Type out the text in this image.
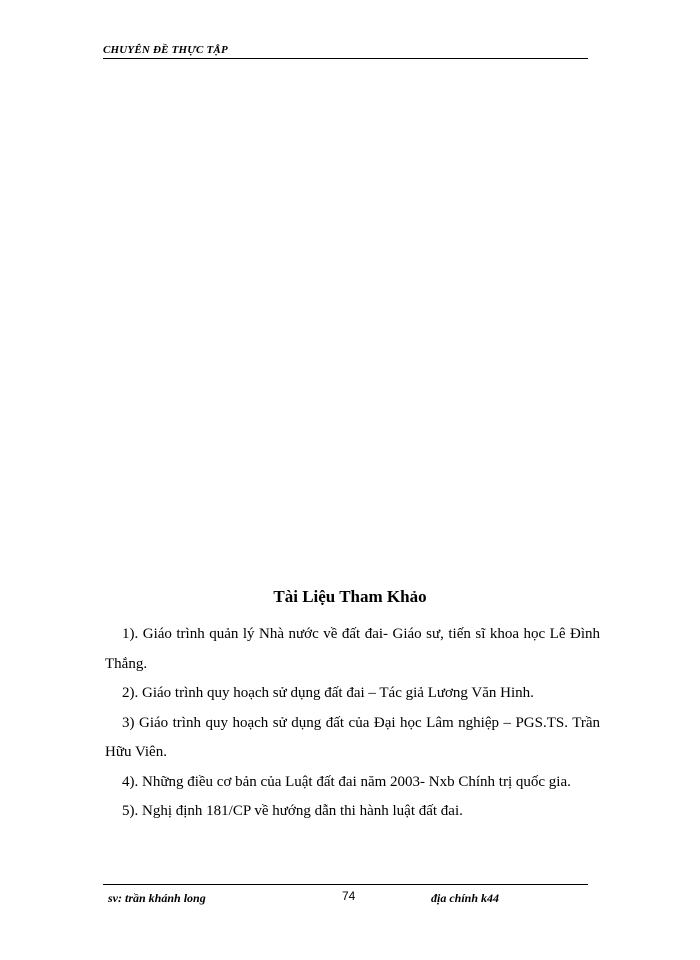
CHUYÊN ĐỀ THỰC TẬP
Tài Liệu Tham Khảo

1). Giáo trình quản lý Nhà nước về đất đai- Giáo sư, tiến sĩ khoa học Lê Đình Thắng.

2). Giáo trình quy hoạch sử dụng đất đai – Tác giả Lương Văn Hinh.

3) Giáo trình quy hoạch sử dụng đất của Đại học Lâm nghiệp – PGS.TS. Trần Hữu Viên.

4). Những điều cơ bản của Luật đất đai năm 2003- Nxb Chính trị quốc gia.

5). Nghị định 181/CP về hướng dẫn thi hành luật đất đai.

sv: trần khánh long	74	địa chính k44
